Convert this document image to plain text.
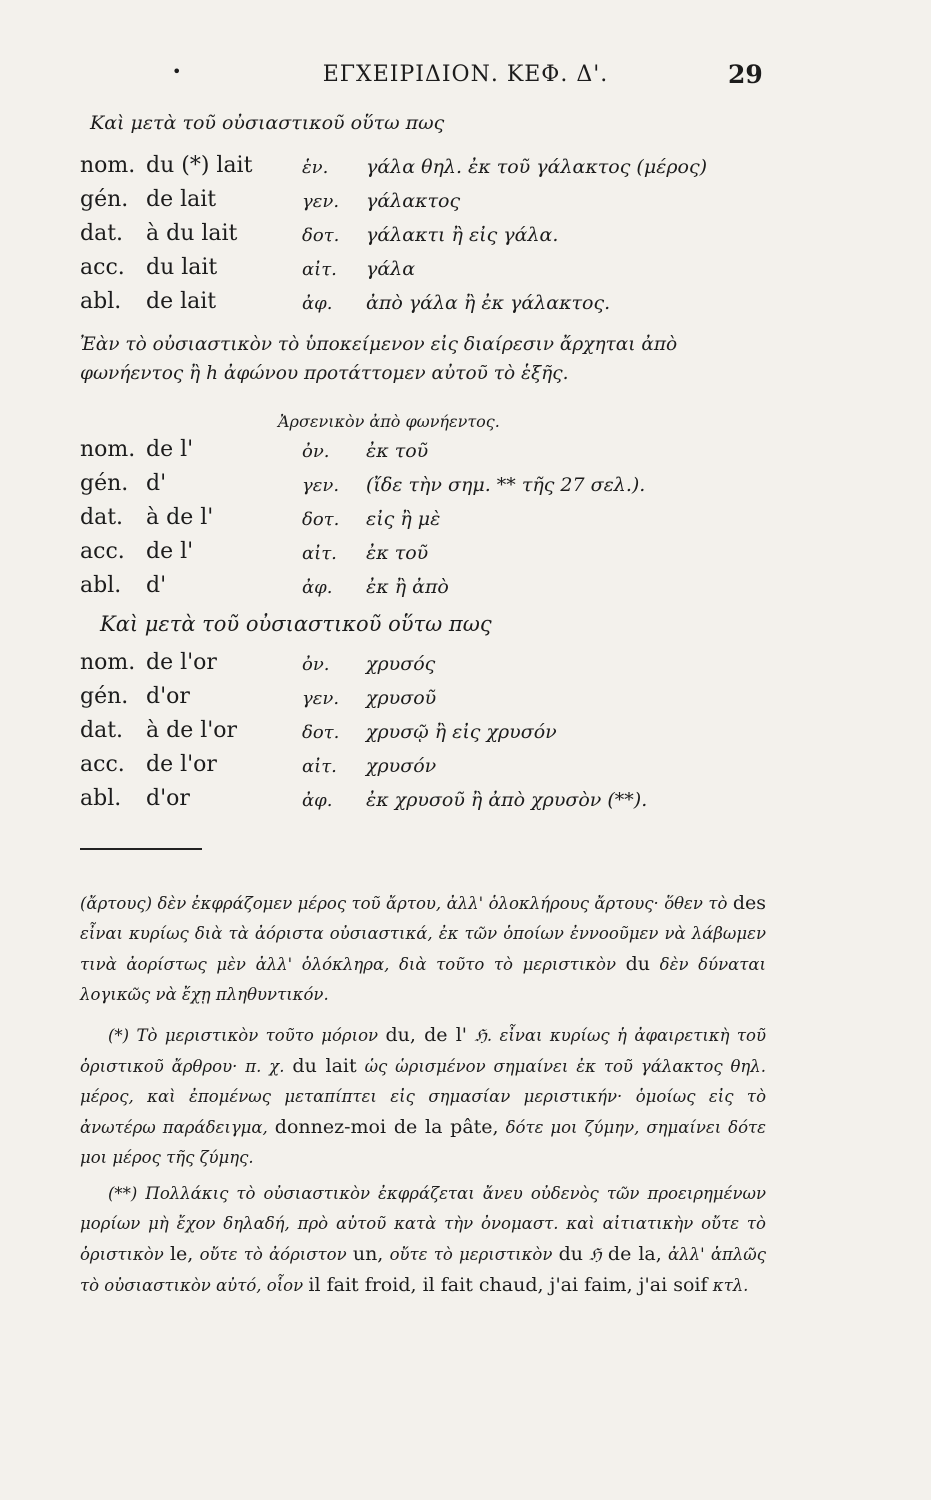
•	ΕΓΧΕΙΡΙΔΙΟΝ. ΚΕΦ. Δ'.	29
Καὶ μετὰ τοῦ οὐσιαστικοῦ οὕτω πως
nom. du (*) lait	ἑν. γάλα θηλ. ἐκ τοῦ γάλακτος (μέρος)
gén. de lait	γεν. γάλακτος
dat. à du lait	δοτ. γάλακτι ἢ εἰς γάλα.
acc. du lait	αἰτ. γάλα
abl. de lait	ἀφ. ἀπὸ γάλα ἢ ἐκ γάλακτος.
Ἐὰν τὸ οὐσιαστικὸν τὸ ὑποκείμενον εἰς διαίρεσιν ἄρχηται ἀπὸ
φωνήεντος ἢ h ἀφώνου προτάττομεν αὐτοῦ τὸ ἑξῆς.
Ἀρσενικὸν ἀπὸ φωνήεντος.
nom. de l'	ὀν. ἐκ τοῦ
gén. d'	γεν. (ἴδε τὴν σημ. ** τῆς 27 σελ.).
dat. à de l'	δοτ. εἰς ἢ μὲ
acc. de l'	αἰτ. ἐκ τοῦ
abl. d'	ἀφ. ἐκ ἢ ἀπὸ
Καὶ μετὰ τοῦ οὐσιαστικοῦ οὕτω πως
nom. de l'or	ὀν. χρυσός
gén. d'or	γεν. χρυσοῦ
dat. à de l'or	δοτ. χρυσῷ ἢ εἰς χρυσόν
acc. de l'or	αἰτ. χρυσόν
abl. d'or	ἀφ. ἐκ χρυσοῦ ἢ ἀπὸ χρυσὸν (**).

(ἄρτους) δὲν ἐκφράζομεν μέρος τοῦ ἄρτου, ἀλλ' ὁλοκλήρους ἄρτους· ὅθεν τὸ des εἶναι κυρίως διὰ τὰ ἀόριστα οὐσιαστικά, ἐκ τῶν ὁποίων ἐννοοῦμεν νὰ λάβωμεν τινὰ ἀορίστως μὲν ἀλλ' ὁλόκληρα, διὰ τοῦτο τὸ μεριστικὸν du δὲν δύναται λογικῶς νὰ ἔχῃ πληθυντικόν.

(*) Τὸ μεριστικὸν τοῦτο μόριον du, de l' ℌ. εἶναι κυρίως ἡ ἀφαιρετικὴ τοῦ ὁριστικοῦ ἄρθρου· π. χ. du lait ὡς ὡρισμένον σημαίνει ἐκ τοῦ γάλακτος θηλ. μέρος, καὶ ἐπομένως μεταπίπτει εἰς σημασίαν μεριστικήν· ὁμοίως εἰς τὸ ἀνωτέρω παράδειγμα, donnez-moi de la pâte, δότε μοι ζύμην, σημαίνει δότε μοι μέρος τῆς ζύμης.

(**) Πολλάκις τὸ οὐσιαστικὸν ἐκφράζεται ἄνευ οὐδενὸς τῶν προειρημένων μορίων μὴ ἔχον δηλαδή, πρὸ αὐτοῦ κατὰ τὴν ὀνομαστ. καὶ αἰτιατικὴν οὔτε τὸ ὁριστικὸν le, οὔτε τὸ ἀόριστον un, οὔτε τὸ μεριστικὸν du ℌ de la, ἀλλ' ἁπλῶς τὸ οὐσιαστικὸν αὐτό, οἷον il fait froid, il fait chaud, j'ai faim, j'ai soif κτλ.
